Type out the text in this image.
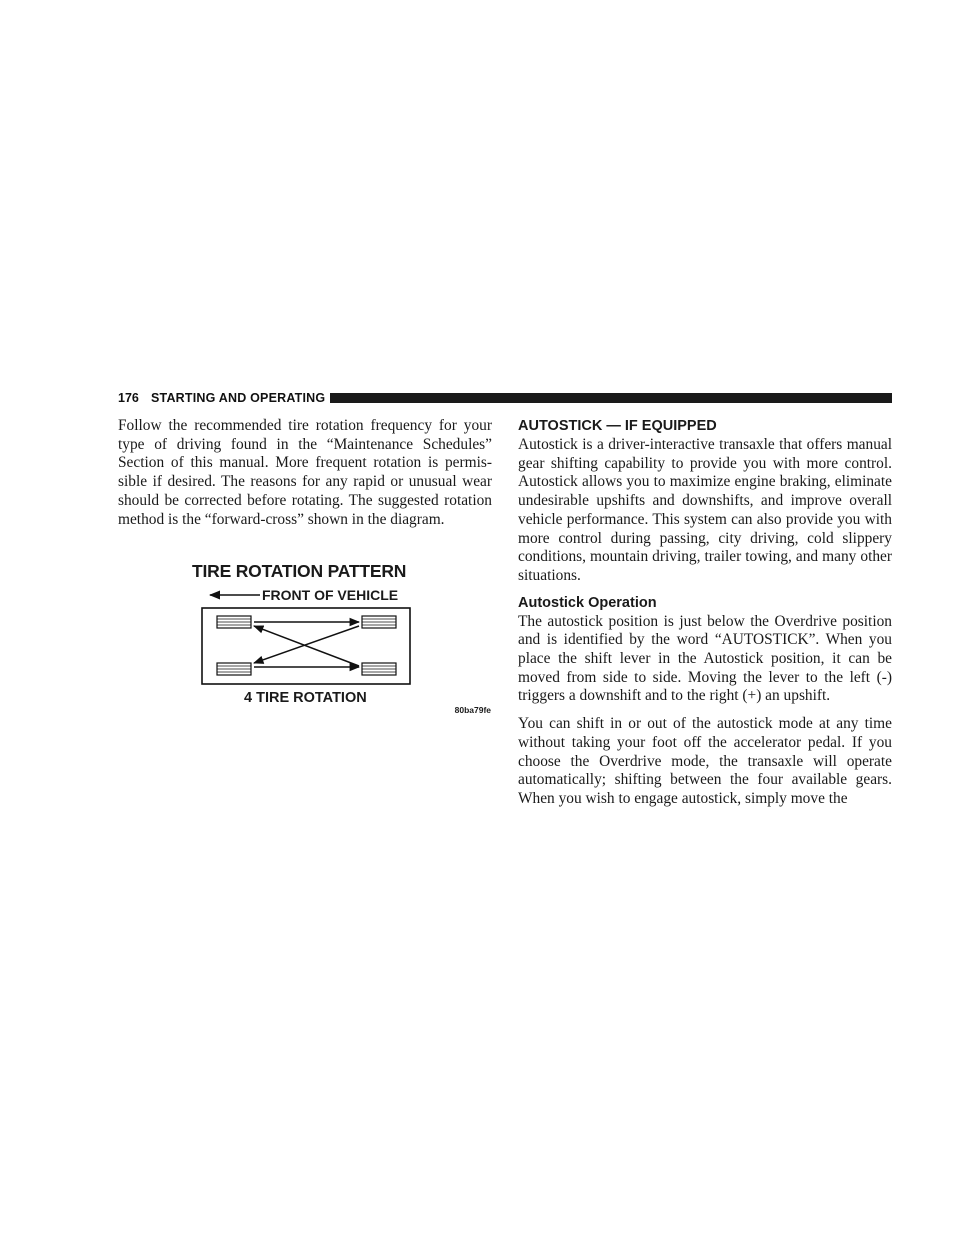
176 STARTING AND OPERATING

Follow the recommended tire rotation frequency for your type of driving found in the “Maintenance Schedules” Section of this manual. More frequent rotation is permissible if desired. The reasons for any rapid or unusual wear should be corrected before rotating. The suggested rotation method is the “forward-cross” shown in the diagram.

TIRE ROTATION PATTERN
FRONT OF VEHICLE
4 TIRE ROTATION
80ba79fe
AUTOSTICK — IF EQUIPPED

Autostick is a driver-interactive transaxle that offers manual gear shifting capability to provide you with more control. Autostick allows you to maximize engine braking, eliminate undesirable upshifts and downshifts, and improve overall vehicle performance. This system can also provide you with more control during passing, city driving, cold slippery conditions, mountain driving, trailer towing, and many other situations.

Autostick Operation

The autostick position is just below the Overdrive position and is identified by the word “AUTOSTICK”. When you place the shift lever in the Autostick position, it can be moved from side to side. Moving the lever to the left (-) triggers a downshift and to the right (+) an upshift.

You can shift in or out of the autostick mode at any time without taking your foot off the accelerator pedal. If you choose the Overdrive mode, the transaxle will operate automatically; shifting between the four available gears. When you wish to engage autostick, simply move the
